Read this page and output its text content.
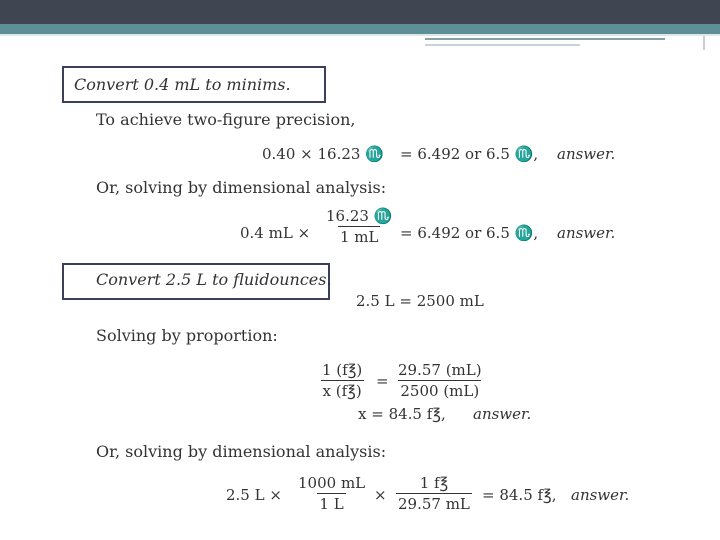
Convert 0.4 mL to minims.
To achieve two-figure precision,
0.40 × 16.23 ♏ = 6.492 or 6.5 ♏, answer.
Or, solving by dimensional analysis:
0.4 mL × $\frac{16.23 ♏}{1 mL} = 6.492$ or 6.5 ♏, answer.
Convert 2.5 L to fluidounces.
2.5 L = 2500 mL
Solving by proportion:
$\frac{1 (f℥)}{x (f℥)} = \frac{29.57 (mL)}{2500 (mL)}$
x = 84.5 f℥, answer.
Or, solving by dimensional analysis:
2.5 $L \times \frac{1000 mL}{1 L} \times \frac{1 f℥}{29.57 mL} = 84.5$ f℥, answer.
